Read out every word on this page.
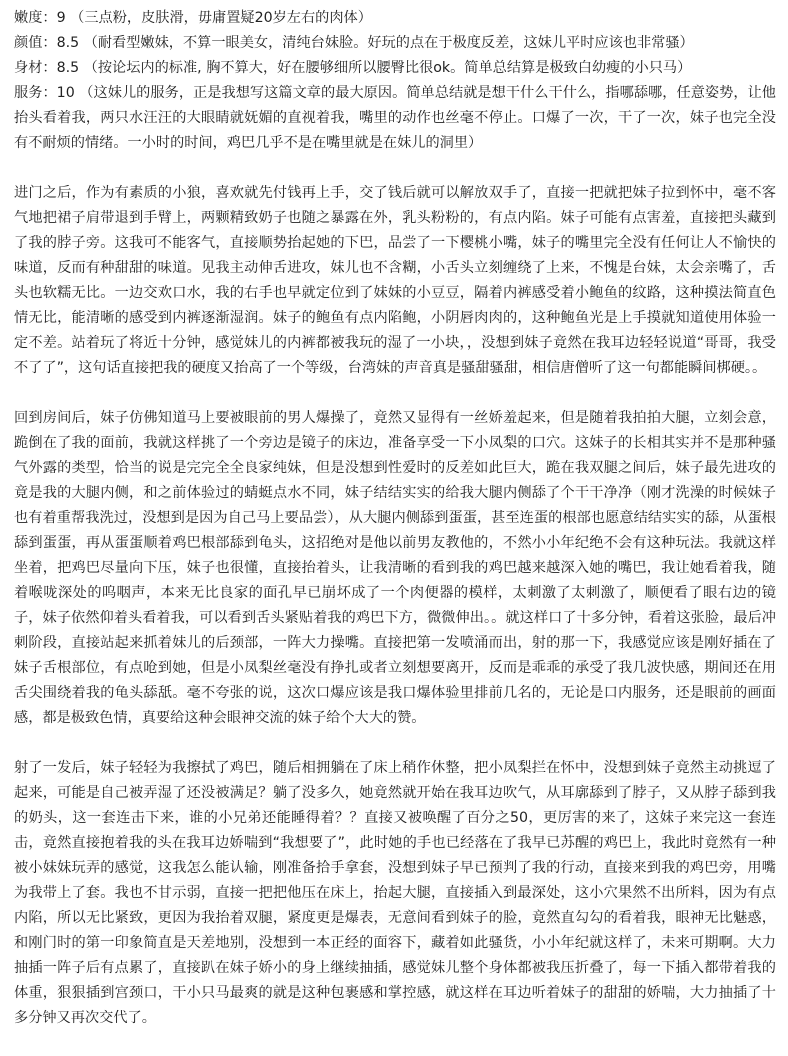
嫩度：9 （三点粉，皮肤滑，毋庸置疑20岁左右的肉体）
颜值：8.5 （耐看型嫩妹，不算一眼美女，清纯台妹脸。好玩的点在于极度反差，这妹儿平时应该也非常骚）
身材：8.5 （按论坛内的标准, 胸不算大，好在腰够细所以腰臀比很ok。简单总结算是极致白幼瘦的小只马）
服务：10 （这妹儿的服务，正是我想写这篇文章的最大原因。简单总结就是想干什么干什么，指哪舔哪，任意姿势，让他抬头看着我，两只水汪汪的大眼睛就妩媚的直视着我，嘴里的动作也丝毫不停止。口爆了一次，干了一次，妹子也完全没有不耐烦的情绪。一小时的时间，鸡巴几乎不是在嘴里就是在妹儿的洞里）

进门之后，作为有素质的小狼，喜欢就先付钱再上手，交了钱后就可以解放双手了，直接一把就把妹子拉到怀中，毫不客气地把裙子肩带退到手臂上，两颗精致奶子也随之暴露在外，乳头粉粉的，有点内陷。妹子可能有点害羞，直接把头藏到了我的脖子旁。这我可不能客气，直接顺势抬起她的下巴，品尝了一下樱桃小嘴，妹子的嘴里完全没有任何让人不愉快的味道，反而有种甜甜的味道。见我主动伸舌进攻，妹儿也不含糊，小舌头立刻缠绕了上来，不愧是台妹，太会亲嘴了，舌头也软糯无比。一边交欢口水，我的右手也早就定位到了妹妹的小豆豆，隔着内裤感受着小鲍鱼的纹路，这种摸法简直色情无比，能清晰的感受到内裤逐渐湿润。妹子的鲍鱼有点内陷鲍，小阴唇肉肉的，这种鲍鱼光是上手摸就知道使用体验一定不差。站着玩了将近十分钟，感觉妹儿的内裤都被我玩的湿了一小块，，没想到妹子竟然在我耳边轻轻说道“哥哥，我受不了了”，这句话直接把我的硬度又抬高了一个等级，台湾妹的声音真是骚甜骚甜，相信唐僧听了这一句都能瞬间梆硬。。

回到房间后，妹子仿佛知道马上要被眼前的男人爆操了，竟然又显得有一丝娇羞起来，但是随着我拍拍大腿，立刻会意，跪倒在了我的面前，我就这样挑了一个旁边是镜子的床边，准备享受一下小凤梨的口穴。这妹子的长相其实并不是那种骚气外露的类型，恰当的说是完完全全良家纯妹，但是没想到性爱时的反差如此巨大，跪在我双腿之间后，妹子最先进攻的竟是我的大腿内侧，和之前体验过的蜻蜓点水不同，妹子结结实实的给我大腿内侧舔了个干干净净（刚才洗澡的时候妹子也有着重帮我洗过，没想到是因为自己马上要品尝），从大腿内侧舔到蛋蛋，甚至连蛋的根部也愿意结结实实的舔，从蛋根舔到蛋蛋，再从蛋蛋顺着鸡巴根部舔到龟头，这招绝对是他以前男友教他的，不然小小年纪绝不会有这种玩法。我就这样坐着，把鸡巴尽量向下压，妹子也很懂，直接抬着头，让我清晰的看到我的鸡巴越来越深入她的嘴巴，我让她看着我，随着喉咙深处的呜咽声，本来无比良家的面孔早已崩坏成了一个肉便器的模样，太刺激了太刺激了，顺便看了眼右边的镜子，妹子依然仰着头看着我，可以看到舌头紧贴着我的鸡巴下方，微微伸出。。就这样口了十多分钟，看着这张脸，最后冲刺阶段，直接站起来抓着妹儿的后颈部，一阵大力操嘴。直接把第一发喷涌而出，射的那一下，我感觉应该是刚好插在了妹子舌根部位，有点呛到她，但是小凤梨丝毫没有挣扎或者立刻想要离开，反而是乖乖的承受了我几波快感，期间还在用舌尖围绕着我的龟头舔舐。毫不夸张的说，这次口爆应该是我口爆体验里排前几名的，无论是口内服务，还是眼前的画面感，都是极致色情，真要给这种会眼神交流的妹子给个大大的赞。

射了一发后，妹子轻轻为我擦拭了鸡巴，随后相拥躺在了床上稍作休整，把小凤梨拦在怀中，没想到妹子竟然主动挑逗了起来，可能是自己被弄湿了还没被满足？躺了没多久，她竟然就开始在我耳边吹气，从耳廓舔到了脖子，又从脖子舔到我的奶头，这一套连击下来，谁的小兄弟还能睡得着？？直接又被唤醒了百分之50，更厉害的来了，这妹子来完这一套连击，竟然直接抱着我的头在我耳边娇喘到“我想要了”，此时她的手也已经落在了我早已苏醒的鸡巴上，我此时竟然有一种被小妹妹玩弄的感觉，这我怎么能认输，刚准备拾手拿套，没想到妹子早已预判了我的行动，直接来到我的鸡巴旁，用嘴为我带上了套。我也不甘示弱，直接一把把他压在床上，抬起大腿，直接插入到最深处，这小穴果然不出所料，因为有点内陷，所以无比紧致，更因为我抬着双腿，紧度更是爆表，无意间看到妹子的脸，竟然直勾勾的看着我，眼神无比魅惑，和刚门时的第一印象简直是天差地别，没想到一本正经的面容下，藏着如此骚货，小小年纪就这样了，未来可期啊。大力抽插一阵子后有点累了，直接趴在妹子娇小的身上继续抽插，感觉妹儿整个身体都被我压折叠了，每一下插入都带着我的体重，狠狠插到宫颈口，干小只马最爽的就是这种包裹感和掌控感，就这样在耳边听着妹子的甜甜的娇喘，大力抽插了十多分钟又再次交代了。
